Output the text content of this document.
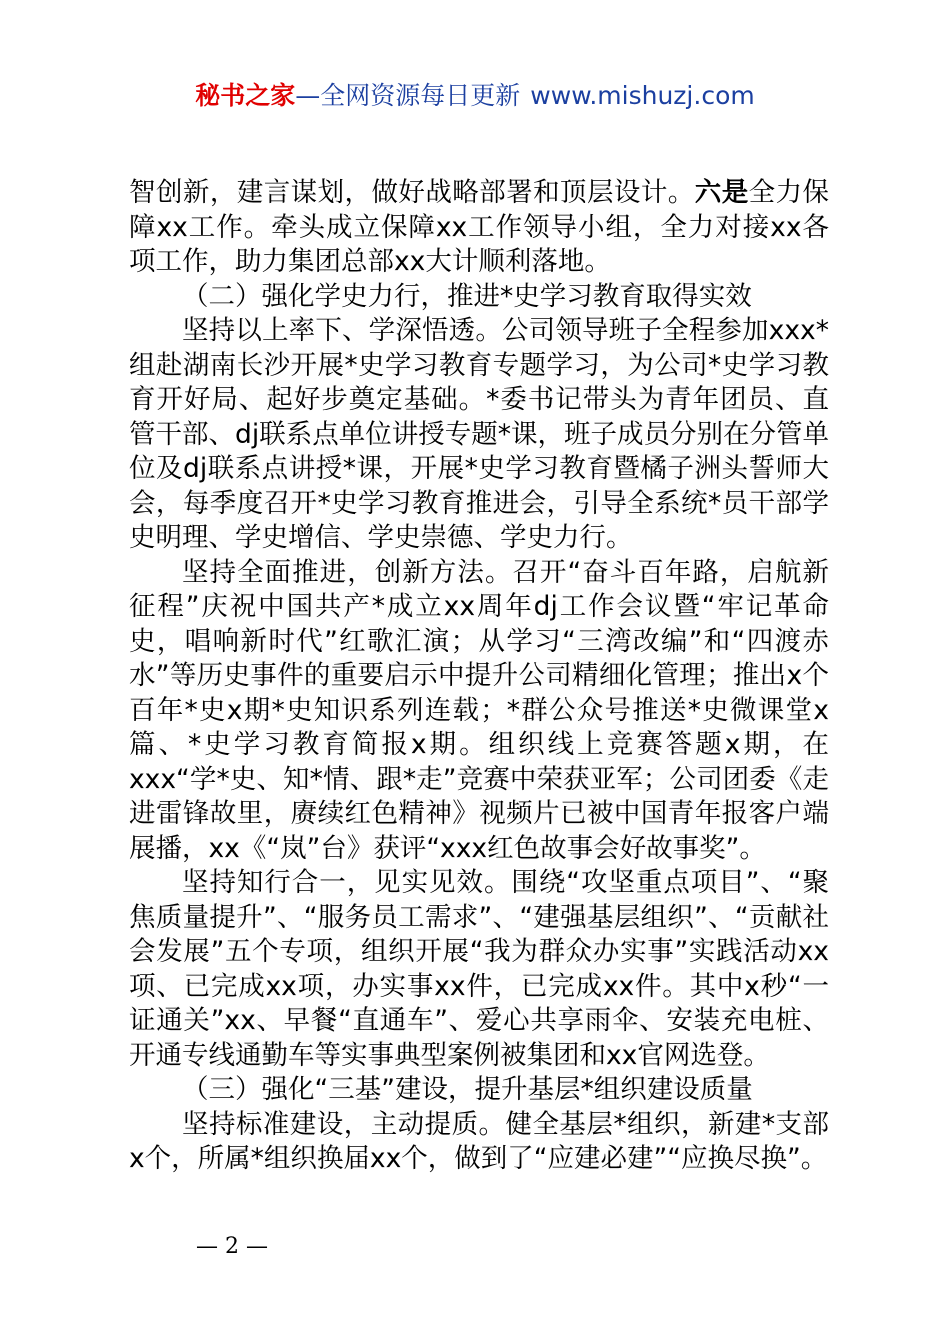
秘书之家—全网资源每日更新 www.mishuzj.com

智创新，建言谋划，做好战略部署和顶层设计。六是全力保障xx工作。牵头成立保障xx工作领导小组，全力对接xx各项工作，助力集团总部xx大计顺利落地。

（二）强化学史力行，推进*史学习教育取得实效

坚持以上率下、学深悟透。公司领导班子全程参加xxx*组赴湖南长沙开展*史学习教育专题学习，为公司*史学习教育开好局、起好步奠定基础。*委书记带头为青年团员、直管干部、dj联系点单位讲授专题*课，班子成员分别在分管单位及dj联系点讲授*课，开展*史学习教育暨橘子洲头誓师大会，每季度召开*史学习教育推进会，引导全系统*员干部学史明理、学史增信、学史崇德、学史力行。

坚持全面推进，创新方法。召开“奋斗百年路，启航新征程”庆祝中国共产*成立xx周年dj工作会议暨“牢记革命史，唱响新时代”红歌汇演；从学习“三湾改编”和“四渡赤水”等历史事件的重要启示中提升公司精细化管理；推出x个百年*史x期*史知识系列连载；*群公众号推送*史微课堂x篇、*史学习教育简报x期。组织线上竞赛答题x期，在xxx“学*史、知*情、跟*走”竞赛中荣获亚军；公司团委《走进雷锋故里，赓续红色精神》视频片已被中国青年报客户端展播，xx《“岚”台》获评“xxx红色故事会好故事奖”。

坚持知行合一，见实见效。围绕“攻坚重点项目”、“聚焦质量提升”、“服务员工需求”、“建强基层组织”、“贡献社会发展”五个专项，组织开展“我为群众办实事”实践活动xx项、已完成xx项，办实事xx件，已完成xx件。其中x秒“一证通关”xx、早餐“直通车”、爱心共享雨伞、安装充电桩、开通专线通勤车等实事典型案例被集团和xx官网选登。

（三）强化“三基”建设，提升基层*组织建设质量

坚持标准建设，主动提质。健全基层*组织，新建*支部x个，所属*组织换届xx个，做到了“应建必建”“应换尽换”。

— 2 —
